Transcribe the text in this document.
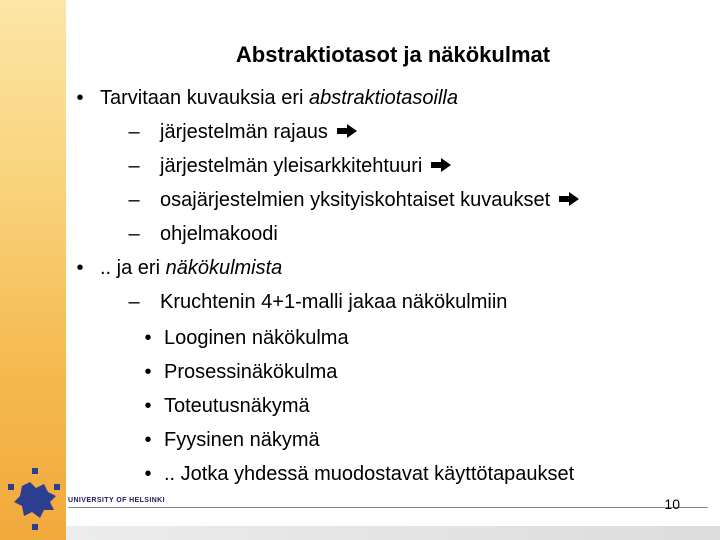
Abstraktiotasot ja näkökulmat
• Tarvitaan kuvauksia eri abstraktiotasoilla
– järjestelmän rajaus
– järjestelmän yleisarkkitehtuuri
– osajärjestelmien yksityiskohtaiset kuvaukset
– ohjelmakoodi
• .. ja eri näkökulmista
– Kruchtenin 4+1-malli jakaa näkökulmiin
• Looginen näkökulma
• Prosessinäkökulma
• Toteutusnäkymä
• Fyysinen näkymä
• .. Jotka yhdessä muodostavat käyttötapaukset
UNIVERSITY OF HELSINKI	10
